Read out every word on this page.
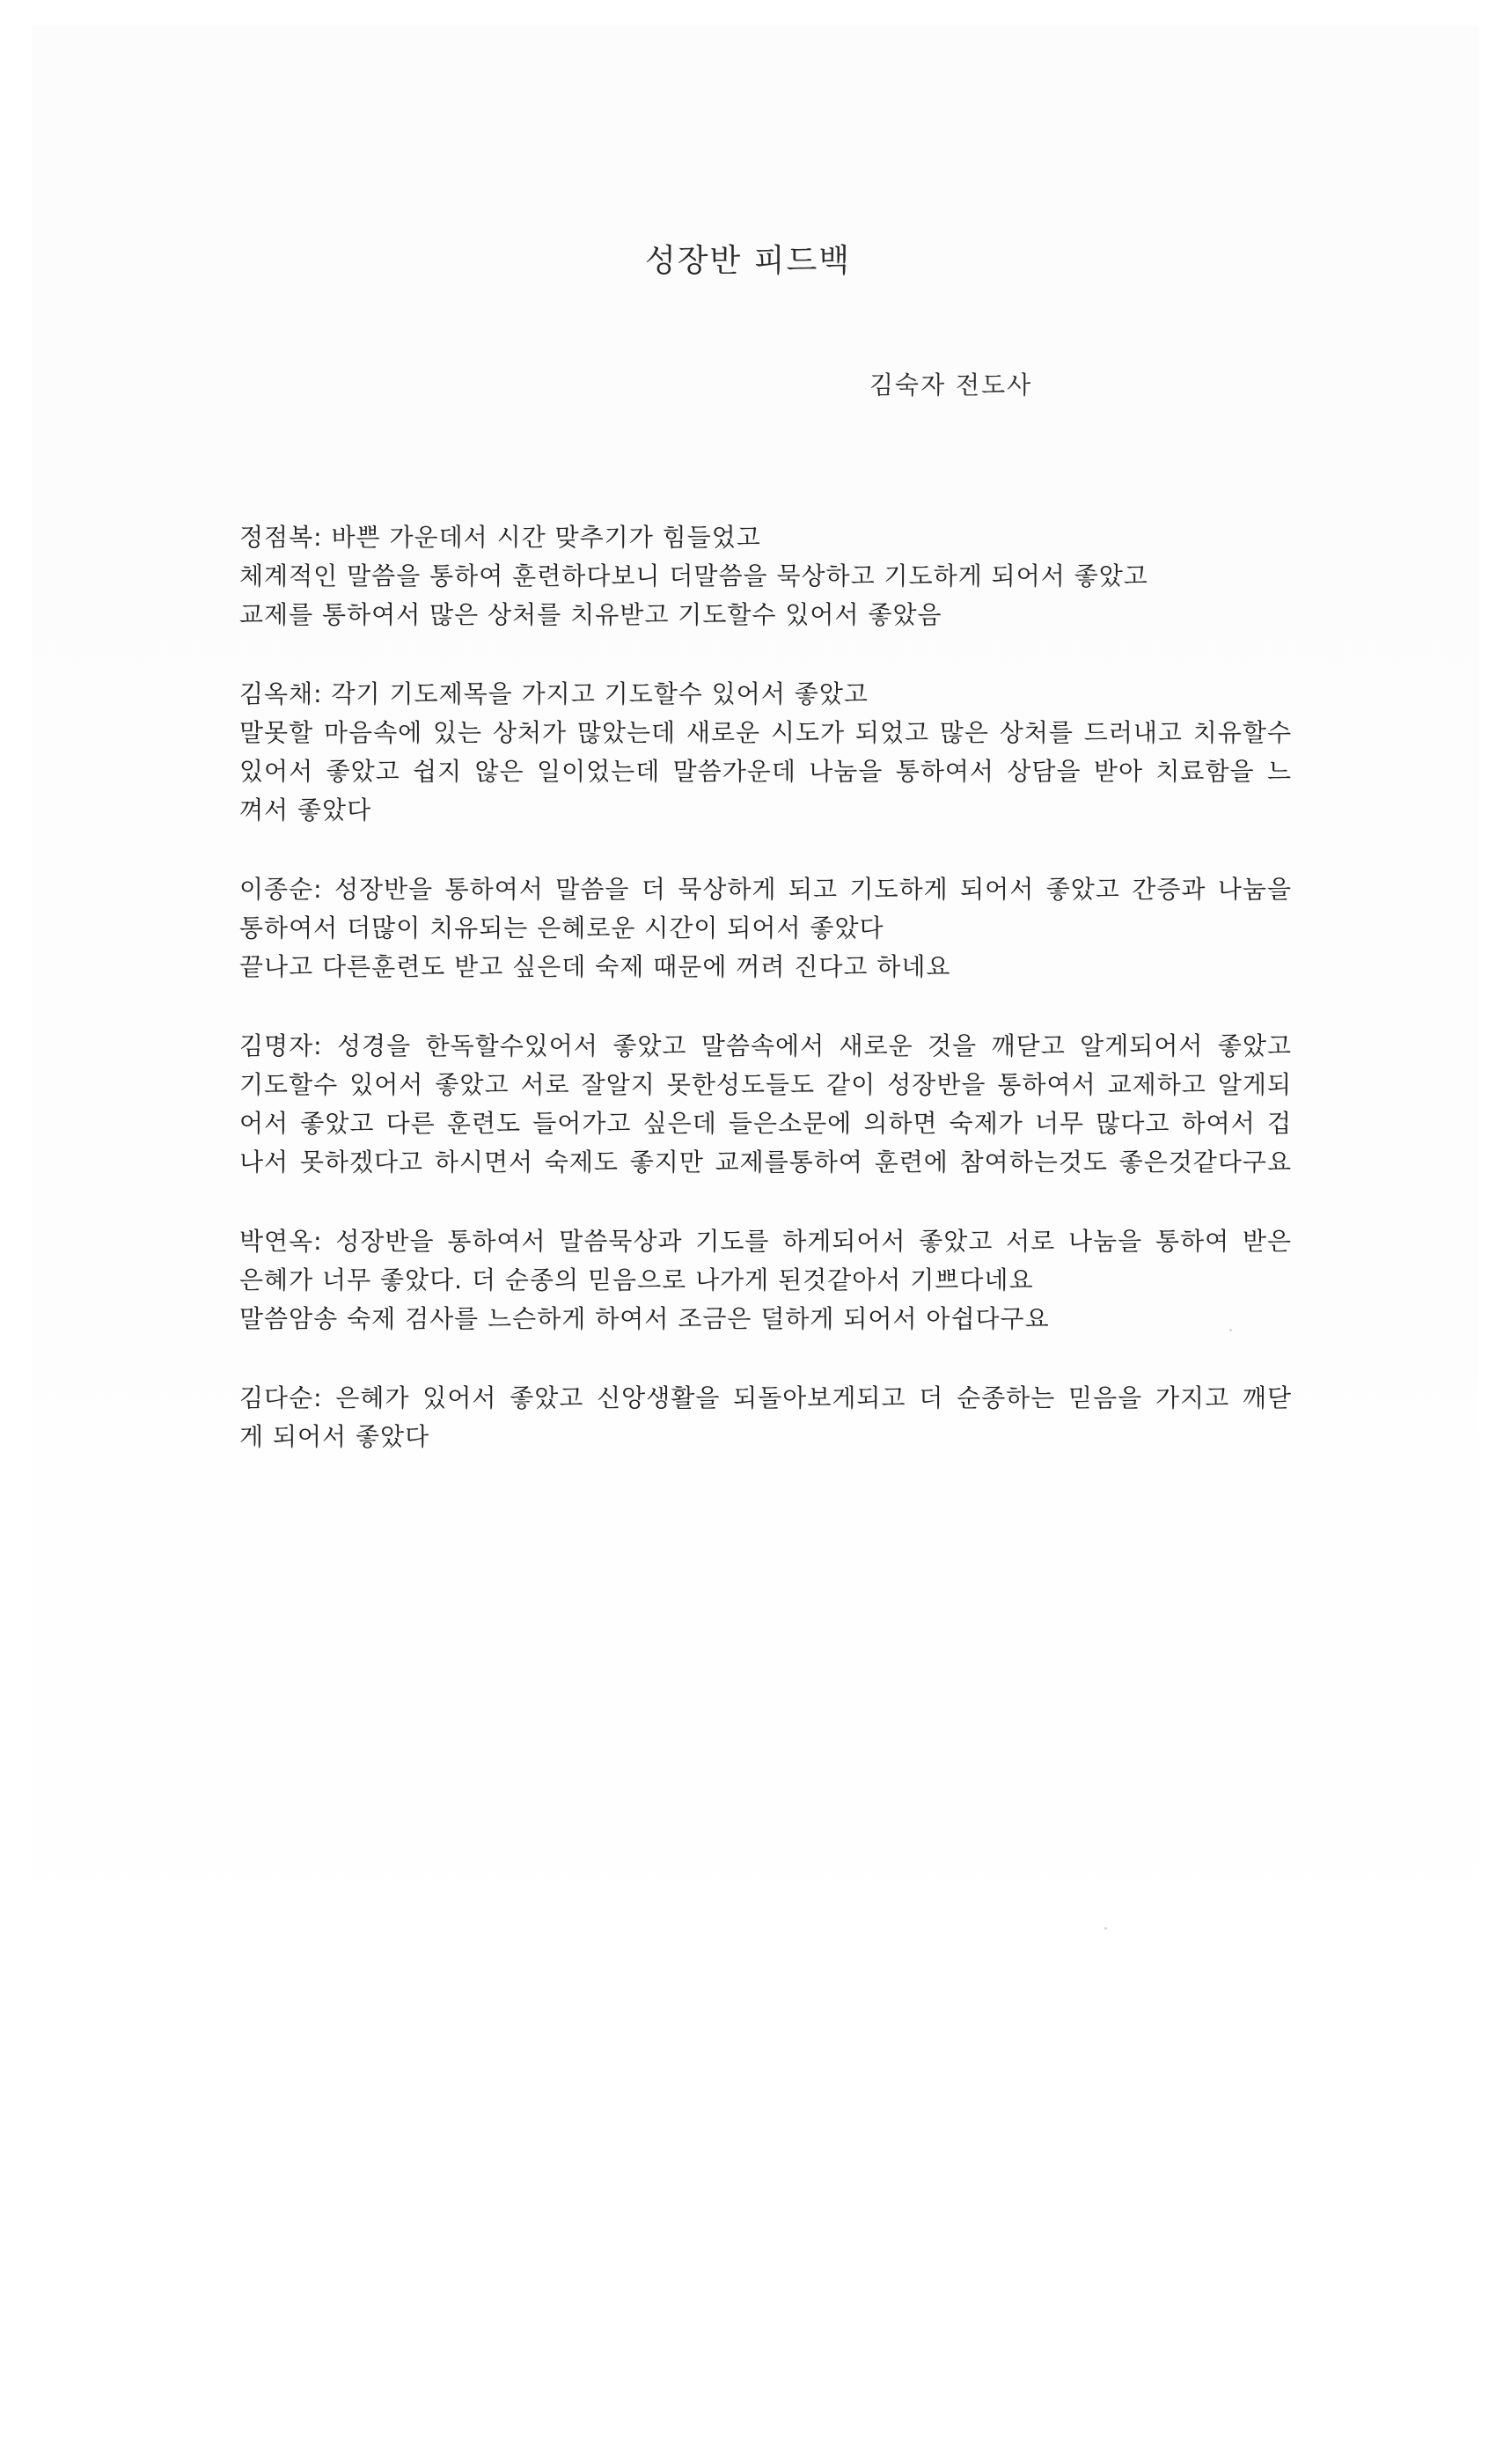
성장반 피드백
김숙자 전도사
정점복: 바쁜 가운데서 시간 맞추기가 힘들었고
체계적인 말씀을 통하여 훈련하다보니 더말씀을 묵상하고 기도하게 되어서 좋았고
교제를 통하여서 많은 상처를 치유받고 기도할수 있어서 좋았음
김옥채: 각기 기도제목을 가지고 기도할수 있어서 좋았고
말못할 마음속에 있는 상처가 많았는데 새로운 시도가 되었고 많은 상처를 드러내고 치유할수
있어서 좋았고 쉽지 않은 일이었는데 말씀가운데 나눔을 통하여서 상담을 받아 치료함을 느
껴서 좋았다
이종순: 성장반을 통하여서 말씀을 더 묵상하게 되고 기도하게 되어서 좋았고 간증과 나눔을
통하여서 더많이 치유되는 은혜로운 시간이 되어서 좋았다
끝나고 다른훈련도 받고 싶은데 숙제 때문에 꺼려 진다고 하네요
김명자: 성경을 한독할수있어서 좋았고 말씀속에서 새로운 것을 깨닫고 알게되어서 좋았고
기도할수 있어서 좋았고 서로 잘알지 못한성도들도 같이 성장반을 통하여서 교제하고 알게되
어서 좋았고 다른 훈련도 들어가고 싶은데 들은소문에 의하면 숙제가 너무 많다고 하여서 겁
나서 못하겠다고 하시면서 숙제도 좋지만 교제를통하여 훈련에 참여하는것도 좋은것같다구요
박연옥: 성장반을 통하여서 말씀묵상과 기도를 하게되어서 좋았고 서로 나눔을 통하여 받은
은혜가 너무 좋았다. 더 순종의 믿음으로 나가게 된것같아서 기쁘다네요
말씀암송 숙제 검사를 느슨하게 하여서 조금은 덜하게 되어서 아쉽다구요
김다순: 은혜가 있어서 좋았고 신앙생활을 되돌아보게되고 더 순종하는 믿음을 가지고 깨닫
게 되어서 좋았다
